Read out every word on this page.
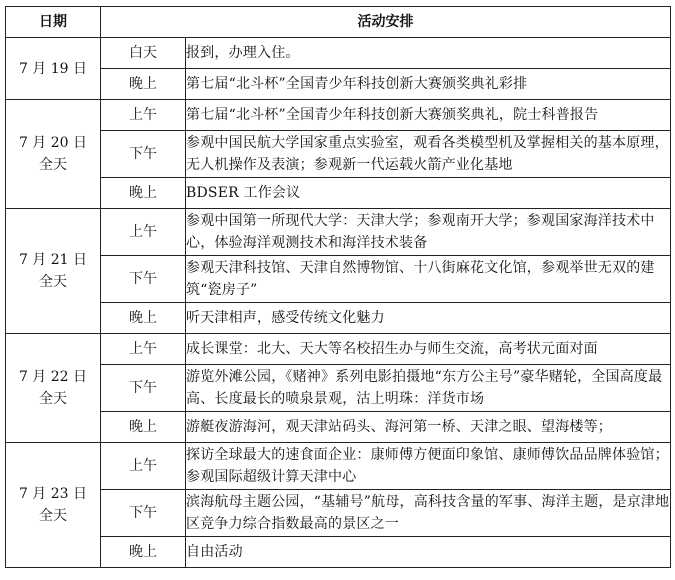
日期	活动安排	

7 月 19 日	白天	报到，办理入住。
	晚上	第七届“北斗杯”全国青少年科技创新大赛颁奖典礼彩排

7 月 20 日
全天	上午	第七届“北斗杯”全国青少年科技创新大赛颁奖典礼，院士科普报告
	下午	参观中国民航大学国家重点实验室，观看各类模型机及掌握相关的基本原理，无人机操作及表演；参观新一代运载火箭产业化基地
	晚上	BDSER 工作会议

7 月 21 日
全天	上午	参观中国第一所现代大学：天津大学；参观南开大学；参观国家海洋技术中心，体验海洋观测技术和海洋技术装备
	下午	参观天津科技馆、天津自然博物馆、十八街麻花文化馆，参观举世无双的建筑“瓷房子”
	晚上	听天津相声，感受传统文化魅力

7 月 22 日
全天	上午	成长课堂：北大、天大等名校招生办与师生交流，高考状元面对面
	下午	游览外滩公园，《赌神》系列电影拍摄地“东方公主号”豪华赌轮，全国高度最高、长度最长的喷泉景观，沽上明珠：洋货市场
	晚上	游艇夜游海河，观天津站码头、海河第一桥、天津之眼、望海楼等；

7 月 23 日
全天	上午	探访全球最大的速食面企业：康师傅方便面印象馆、康师傅饮品品牌体验馆；参观国际超级计算天津中心
	下午	滨海航母主题公园，“基辅号”航母，高科技含量的军事、海洋主题，是京津地区竞争力综合指数最高的景区之一
	晚上	自由活动
